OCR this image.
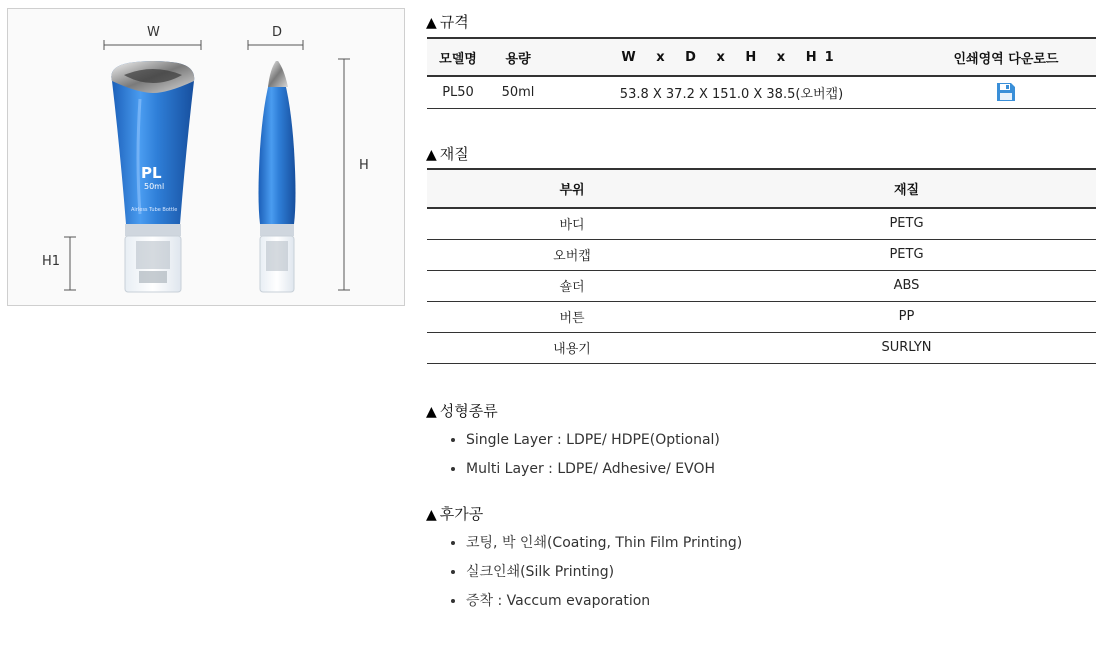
W	D
H
H1
PL
50ml
Airless Tube Bottle
▲ 규격
모델명	용량	W x D x H x H1	인쇄영역 다운로드
PL50	50ml	53.8 X 37.2 X 151.0 X 38.5(오버캡)	
▲ 재질
부위	재질
바디	PETG
오버캡	PETG
숄더	ABS
버튼	PP
내용기	SURLYN
▲ 성형종류
• Single Layer : LDPE/ HDPE(Optional)
• Multi Layer : LDPE/ Adhesive/ EVOH
▲ 후가공
• 코팅, 박 인쇄(Coating, Thin Film Printing)
• 실크인쇄(Silk Printing)
• 증착 : Vaccum evaporation
